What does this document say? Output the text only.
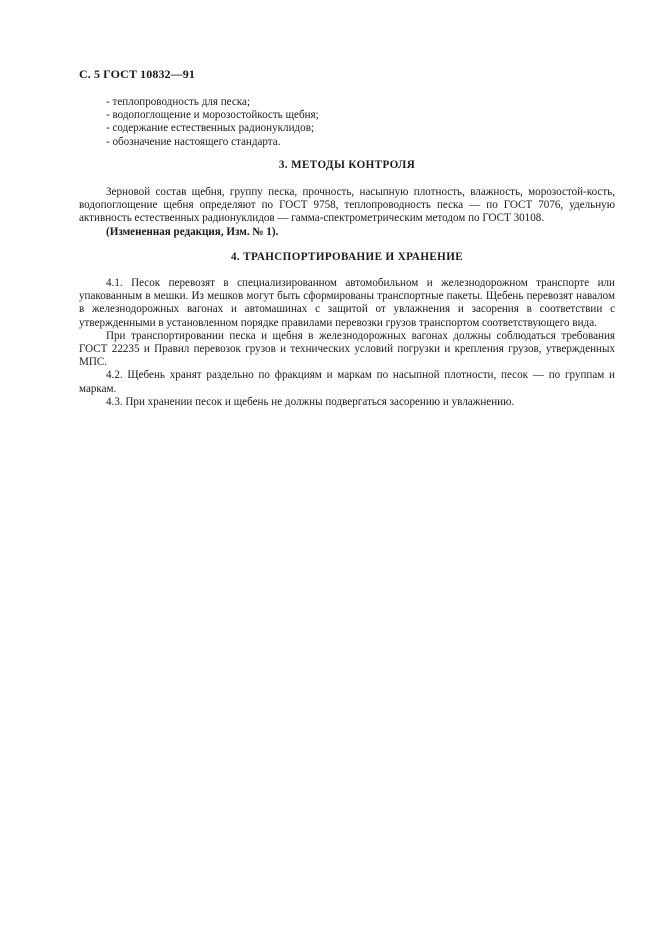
С. 5 ГОСТ 10832—91
- теплопроводность для песка;
- водопоглощение и морозостойкость щебня;
- содержание естественных радионуклидов;
- обозначение настоящего стандарта.
3. МЕТОДЫ КОНТРОЛЯ

Зерновой состав щебня, группу песка, прочность, насыпную плотность, влажность, морозостой-кость, водопоглощение щебня определяют по ГОСТ 9758, теплопроводность песка — по ГОСТ 7076, удельную активность естественных радионуклидов — гамма-спектрометрическим методом по ГОСТ 30108.

(Измененная редакция, Изм. № 1).

4. ТРАНСПОРТИРОВАНИЕ И ХРАНЕНИЕ

4.1. Песок перевозят в специализированном автомобильном и железнодорожном транспорте или упакованным в мешки. Из мешков могут быть сформированы транспортные пакеты. Щебень перевозят навалом в железнодорожных вагонах и автомашинах с защитой от увлажнения и засорения в соответствии с утвержденными в установленном порядке правилами перевозки грузов транспортом соответствующего вида.

При транспортировании песка и щебня в железнодорожных вагонах должны соблюдаться требования ГОСТ 22235 и Правил перевозок грузов и технических условий погрузки и крепления грузов, утвержденных МПС.

4.2. Щебень хранят раздельно по фракциям и маркам по насыпной плотности, песок — по группам и маркам.

4.3. При хранении песок и щебень не должны подвергаться засорению и увлажнению.
